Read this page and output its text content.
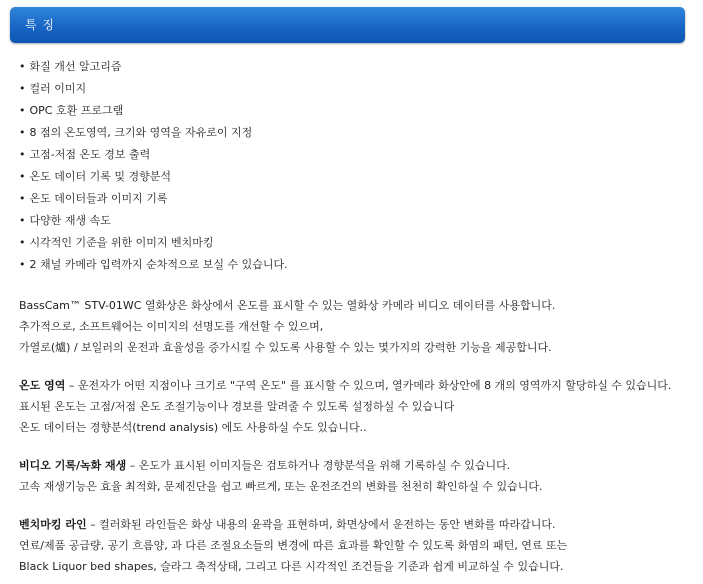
특 징
• 화질 개선 알고리즘
• 컬러 이미지
• OPC 호환 프로그램
• 8 점의 온도영역, 크기와 영역을 자유로이 지정
• 고점-저점 온도 경보 출력
• 온도 데이터 기록 및 경향분석
• 온도 데이터들과 이미지 기록
• 다양한 재생 속도
• 시각적인 기준을 위한 이미지 벤치마킹
• 2 채널 카메라 입력까지 순차적으로 보실 수 있습니다.
BassCam™ STV-01WC 열화상은 화상에서 온도를 표시할 수 있는 열화상 카메라 비디오 데이터를 사용합니다.
추가적으로, 소프트웨어는 이미지의 선명도를 개선할 수 있으며,
가열로(爐) / 보일러의 운전과 효율성을 증가시킬 수 있도록 사용할 수 있는 몇가지의 강력한 기능을 제공합니다.
온도 영역 – 운전자가 어떤 지점이나 크기로 "구역 온도" 를 표시할 수 있으며, 열카메라 화상안에 8 개의 영역까지 할당하실 수 있습니다.
표시된 온도는 고점/저점 온도 조절기능이나 경보를 알려줄 수 있도록 설정하실 수 있습니다
온도 데이터는 경향분석(trend analysis) 에도 사용하실 수도 있습니다..
비디오 기록/녹화 재생 – 온도가 표시된 이미지들은 검토하거나 경향분석을 위해 기록하실 수 있습니다.
고속 재생기능은 효율 최적화, 문제진단을 쉽고 빠르게, 또는 운전조건의 변화를 천천히 확인하실 수 있습니다.
벤치마킹 라인 – 컬러화된 라인들은 화상 내용의 윤곽을 표현하며, 화면상에서 운전하는 동안 변화를 따라갑니다.
연료/제품 공급량, 공기 흐름양, 과 다른 조절요소들의 변경에 따른 효과를 확인할 수 있도록 화염의 패턴, 연료 또는
Black Liquor bed shapes, 슬라그 축적상태, 그리고 다른 시각적인 조건들을 기준과 쉽게 비교하실 수 있습니다.
